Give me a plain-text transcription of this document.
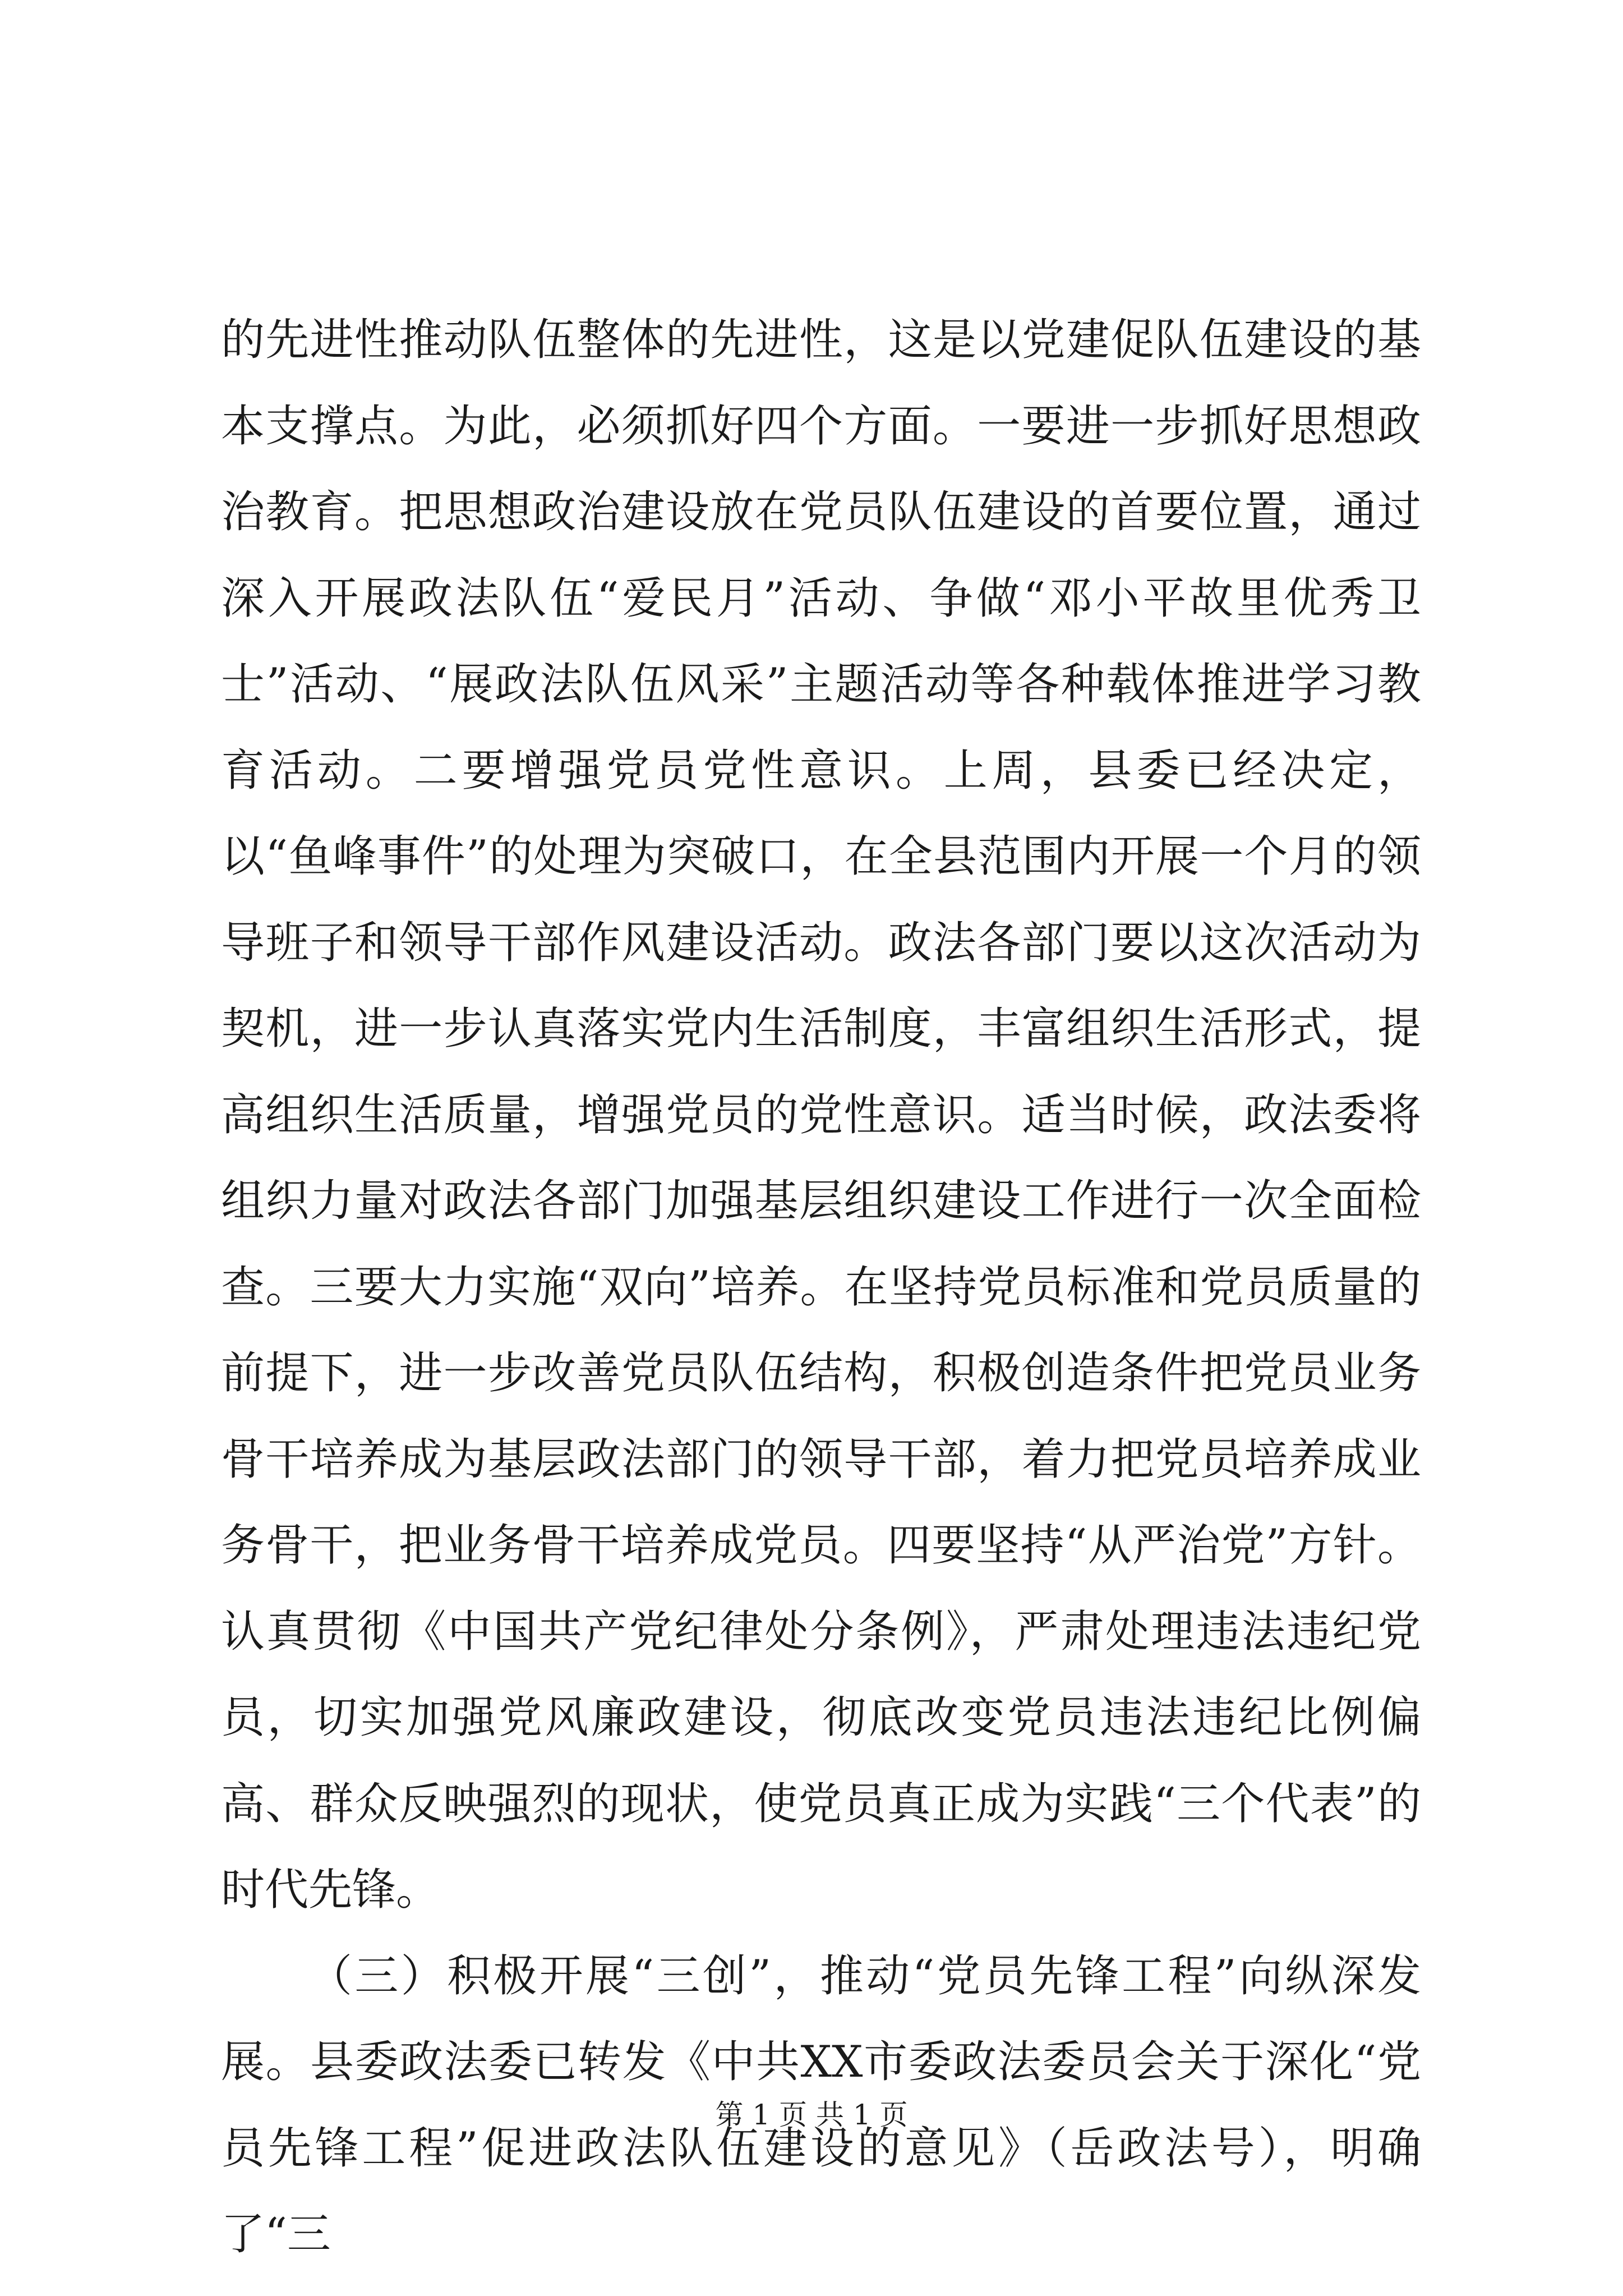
的先进性推动队伍整体的先进性，这是以党建促队伍建设的基本支撑点。为此，必须抓好四个方面。一要进一步抓好思想政治教育。把思想政治建设放在党员队伍建设的首要位置，通过深入开展政法队伍“爱民月”活动、争做“邓小平故里优秀卫士”活动、“展政法队伍风采”主题活动等各种载体推进学习教育活动。二要增强党员党性意识。上周，县委已经决定，以“鱼峰事件”的处理为突破口，在全县范围内开展一个月的领导班子和领导干部作风建设活动。政法各部门要以这次活动为契机，进一步认真落实党内生活制度，丰富组织生活形式，提高组织生活质量，增强党员的党性意识。适当时候，政法委将组织力量对政法各部门加强基层组织建设工作进行一次全面检查。三要大力实施“双向”培养。在坚持党员标准和党员质量的前提下，进一步改善党员队伍结构，积极创造条件把党员业务骨干培养成为基层政法部门的领导干部，着力把党员培养成业务骨干，把业务骨干培养成党员。四要坚持“从严治党”方针。认真贯彻《中国共产党纪律处分条例》，严肃处理违法违纪党员，切实加强党风廉政建设，彻底改变党员违法违纪比例偏高、群众反映强烈的现状，使党员真正成为实践“三个代表”的时代先锋。

（三）积极开展“三创”，推动“党员先锋工程”向纵深发展。县委政法委已转发《中共XX市委政法委员会关于深化“党员先锋工程”促进政法队伍建设的意见》（岳政法号），明确了“三

第 1 页 共 1 页
